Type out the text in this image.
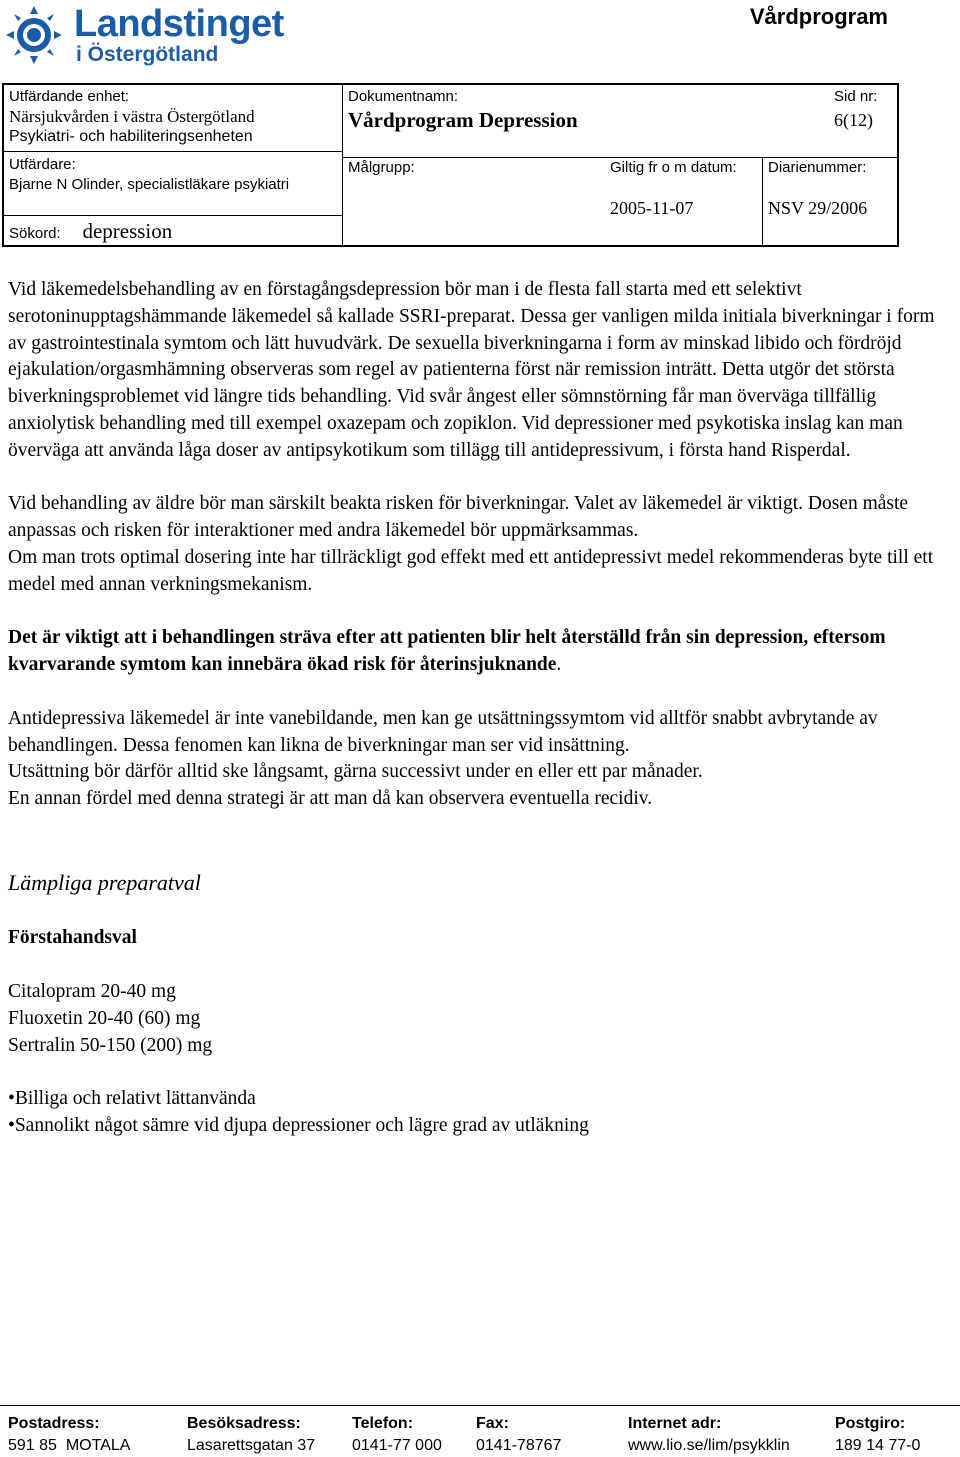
Landstinget
i Östergötland
Vårdprogram
Utfärdande enhet:
Närsjukvården i västra Östergötland
Psykiatri- och habiliteringsenheten
Utfärdare:
Bjarne N Olinder, specialistläkare psykiatri
Sökord: depression
Dokumentnamn:
Vårdprogram Depression
Sid nr:
6(12)
Målgrupp:	Giltig fr o m datum:
2005-11-07
Diarienummer:
NSV 29/2006

Vid läkemedelsbehandling av en förstagångsdepression bör man i de flesta fall starta med ett selektivt serotoninupptagshämmande läkemedel så kallade SSRI-preparat. Dessa ger vanligen milda initiala biverkningar i form av gastrointestinala symtom och lätt huvudvärk. De sexuella biverkningarna i form av minskad libido och fördröjd ejakulation/orgasmhämning observeras som regel av patienterna först när remission inträtt. Detta utgör det största biverkningsproblemet vid längre tids behandling. Vid svår ångest eller sömnstörning får man överväga tillfällig anxiolytisk behandling med till exempel oxazepam och zopiklon. Vid depressioner med psykotiska inslag kan man överväga att använda låga doser av antipsykotikum som tillägg till antidepressivum, i första hand Risperdal.

Vid behandling av äldre bör man särskilt beakta risken för biverkningar. Valet av läkemedel är viktigt. Dosen måste anpassas och risken för interaktioner med andra läkemedel bör uppmärksammas.

Om man trots optimal dosering inte har tillräckligt god effekt med ett antidepressivt medel rekommenderas byte till ett medel med annan verkningsmekanism.

Det är viktigt att i behandlingen sträva efter att patienten blir helt återställd från sin depression, eftersom kvarvarande symtom kan innebära ökad risk för återinsjuknande.

Antidepressiva läkemedel är inte vanebildande, men kan ge utsättningssymtom vid alltför snabbt avbrytande av behandlingen. Dessa fenomen kan likna de biverkningar man ser vid insättning.

Utsättning bör därför alltid ske långsamt, gärna successivt under en eller ett par månader.

En annan fördel med denna strategi är att man då kan observera eventuella recidiv.

Lämpliga preparatval

Förstahandsval

Citalopram 20-40 mg

Fluoxetin 20-40 (60) mg

Sertralin 50-150 (200) mg

•Billiga och relativt lättanvända

•Sannolikt något sämre vid djupa depressioner och lägre grad av utläkning

Postadress:
591 85  MOTALA
Besöksadress:
Lasarettsgatan 37
Telefon:
0141-77 000
Fax:
0141-78767
Internet adr:
www.lio.se/lim/psykklin
Postgiro:
189 14 77-0
